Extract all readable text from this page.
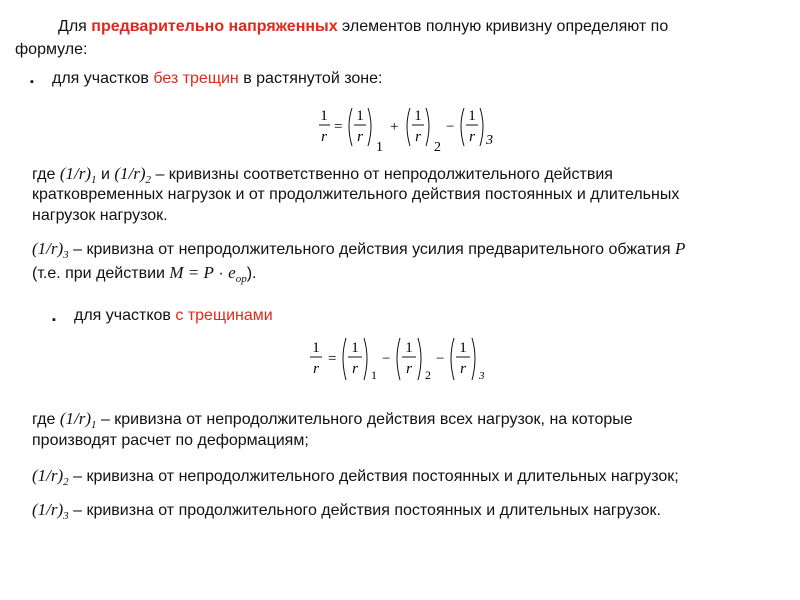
Для предварительно напряженных элементов полную кривизну определяют по
формуле:
▪ для участков без трещин в растянутой зоне:
1
r
=
1
r
1
+
1
r
2
−
1
r 3
где $(1/r)_1$ и $(1/r)_2$ – кривизны соответственно от непродолжительного действия
кратковременных нагрузок и от продолжительного действия постоянных и длительных
нагрузок нагрузок.
$(1/r)_3$ – кривизна от непродолжительного действия усилия предварительного обжатия P
(т.е. при действии $M = P \cdot e_{op}$).
▪ для участков с трещинами
1
r
=
1
r 1
−
1
r 2
−
1
r 3
где $(1/r)_1$ – кривизна от непродолжительного действия всех нагрузок, на которые
производят расчет по деформациям;
$(1/r)_2$ – кривизна от непродолжительного действия постоянных и длительных нагрузок;
$(1/r)_3$ – кривизна от продолжительного действия постоянных и длительных нагрузок.
